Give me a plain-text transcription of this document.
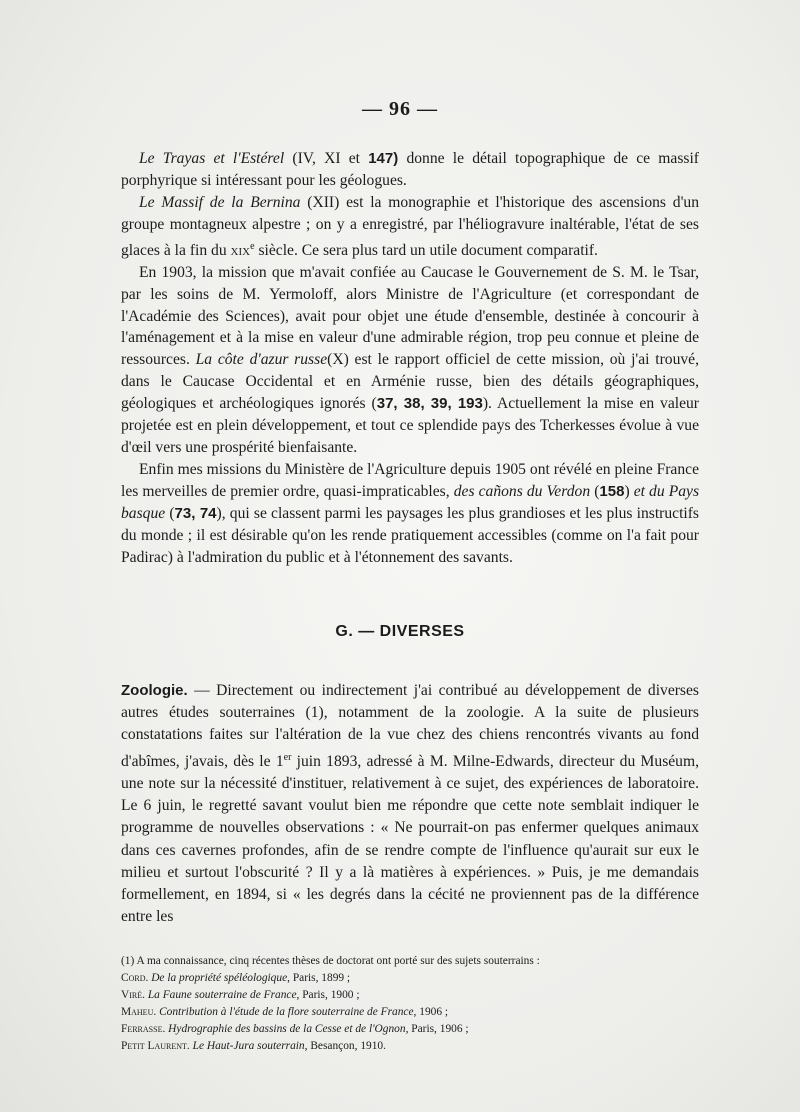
— 96 —

Le Trayas et l'Estérel (IV, XI et 147) donne le détail topographique de ce massif porphyrique si intéressant pour les géologues.

Le Massif de la Bernina (XII) est la monographie et l'historique des ascensions d'un groupe montagneux alpestre ; on y a enregistré, par l'héliogravure inaltérable, l'état de ses glaces à la fin du xix$^e$ siècle. Ce sera plus tard un utile document comparatif.

En 1903, la mission que m'avait confiée au Caucase le Gouvernement de S. M. le Tsar, par les soins de M. Yermoloff, alors Ministre de l'Agriculture (et correspondant de l'Académie des Sciences), avait pour objet une étude d'ensemble, destinée à concourir à l'aménagement et à la mise en valeur d'une admirable région, trop peu connue et pleine de ressources. La côte d'azur russe(X) est le rapport officiel de cette mission, où j'ai trouvé, dans le Caucase Occidental et en Arménie russe, bien des détails géographiques, géologiques et archéologiques ignorés (37, 38, 39, 193). Actuellement la mise en valeur projetée est en plein développement, et tout ce splendide pays des Tcherkesses évolue à vue d'œil vers une prospérité bienfaisante.

Enfin mes missions du Ministère de l'Agriculture depuis 1905 ont révélé en pleine France les merveilles de premier ordre, quasi-impraticables, des cañons du Verdon (158) et du Pays basque (73, 74), qui se classent parmi les paysages les plus grandioses et les plus instructifs du monde ; il est désirable qu'on les rende pratiquement accessibles (comme on l'a fait pour Padirac) à l'admiration du public et à l'étonnement des savants.

G. — DIVERSES

Zoologie. — Directement ou indirectement j'ai contribué au développement de diverses autres études souterraines (1), notamment de la zoologie. A la suite de plusieurs constatations faites sur l'altération de la vue chez des chiens rencontrés vivants au fond d'abîmes, j'avais, dès le 1er juin 1893, adressé à M. Milne-Edwards, directeur du Muséum, une note sur la nécessité d'instituer, relativement à ce sujet, des expériences de laboratoire. Le 6 juin, le regretté savant voulut bien me répondre que cette note semblait indiquer le programme de nouvelles observations : « Ne pourrait-on pas enfermer quelques animaux dans ces cavernes profondes, afin de se rendre compte de l'influence qu'aurait sur eux le milieu et surtout l'obscurité ? Il y a là matières à expériences. » Puis, je me demandais formellement, en 1894, si « les degrés dans la cécité ne proviennent pas de la différence entre les

(1) A ma connaissance, cinq récentes thèses de doctorat ont porté sur des sujets souterrains :

Cord. De la propriété spéléologique, Paris, 1899 ;

Viré. La Faune souterraine de France, Paris, 1900 ;

Maheu. Contribution à l'étude de la flore souterraine de France, 1906 ;

Ferrasse. Hydrographie des bassins de la Cesse et de l'Ognon, Paris, 1906 ;

Petit Laurent. Le Haut-Jura souterrain, Besançon, 1910.
